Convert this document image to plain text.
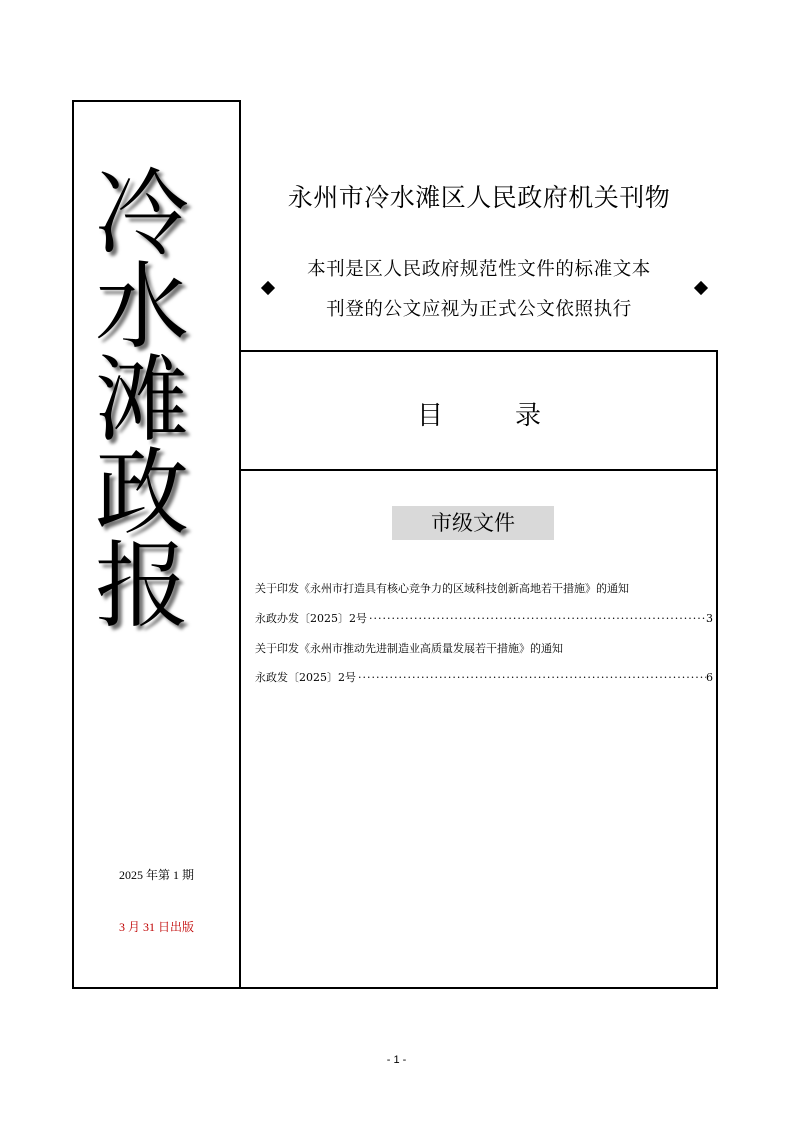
冷
水
滩
政
报
2025 年第 1 期
3 月 31 日出版
永州市冷水滩区人民政府机关刊物
本刊是区人民政府规范性文件的标准文本
刊登的公文应视为正式公文依照执行
目	录
市级文件
关于印发《永州市打造具有核心竞争力的区域科技创新高地若干措施》的通知
永政办发〔2025〕2号 ·····	3
关于印发《永州市推动先进制造业高质量发展若干措施》的通知
永政发〔2025〕2号 ·····	6
- 1 -
